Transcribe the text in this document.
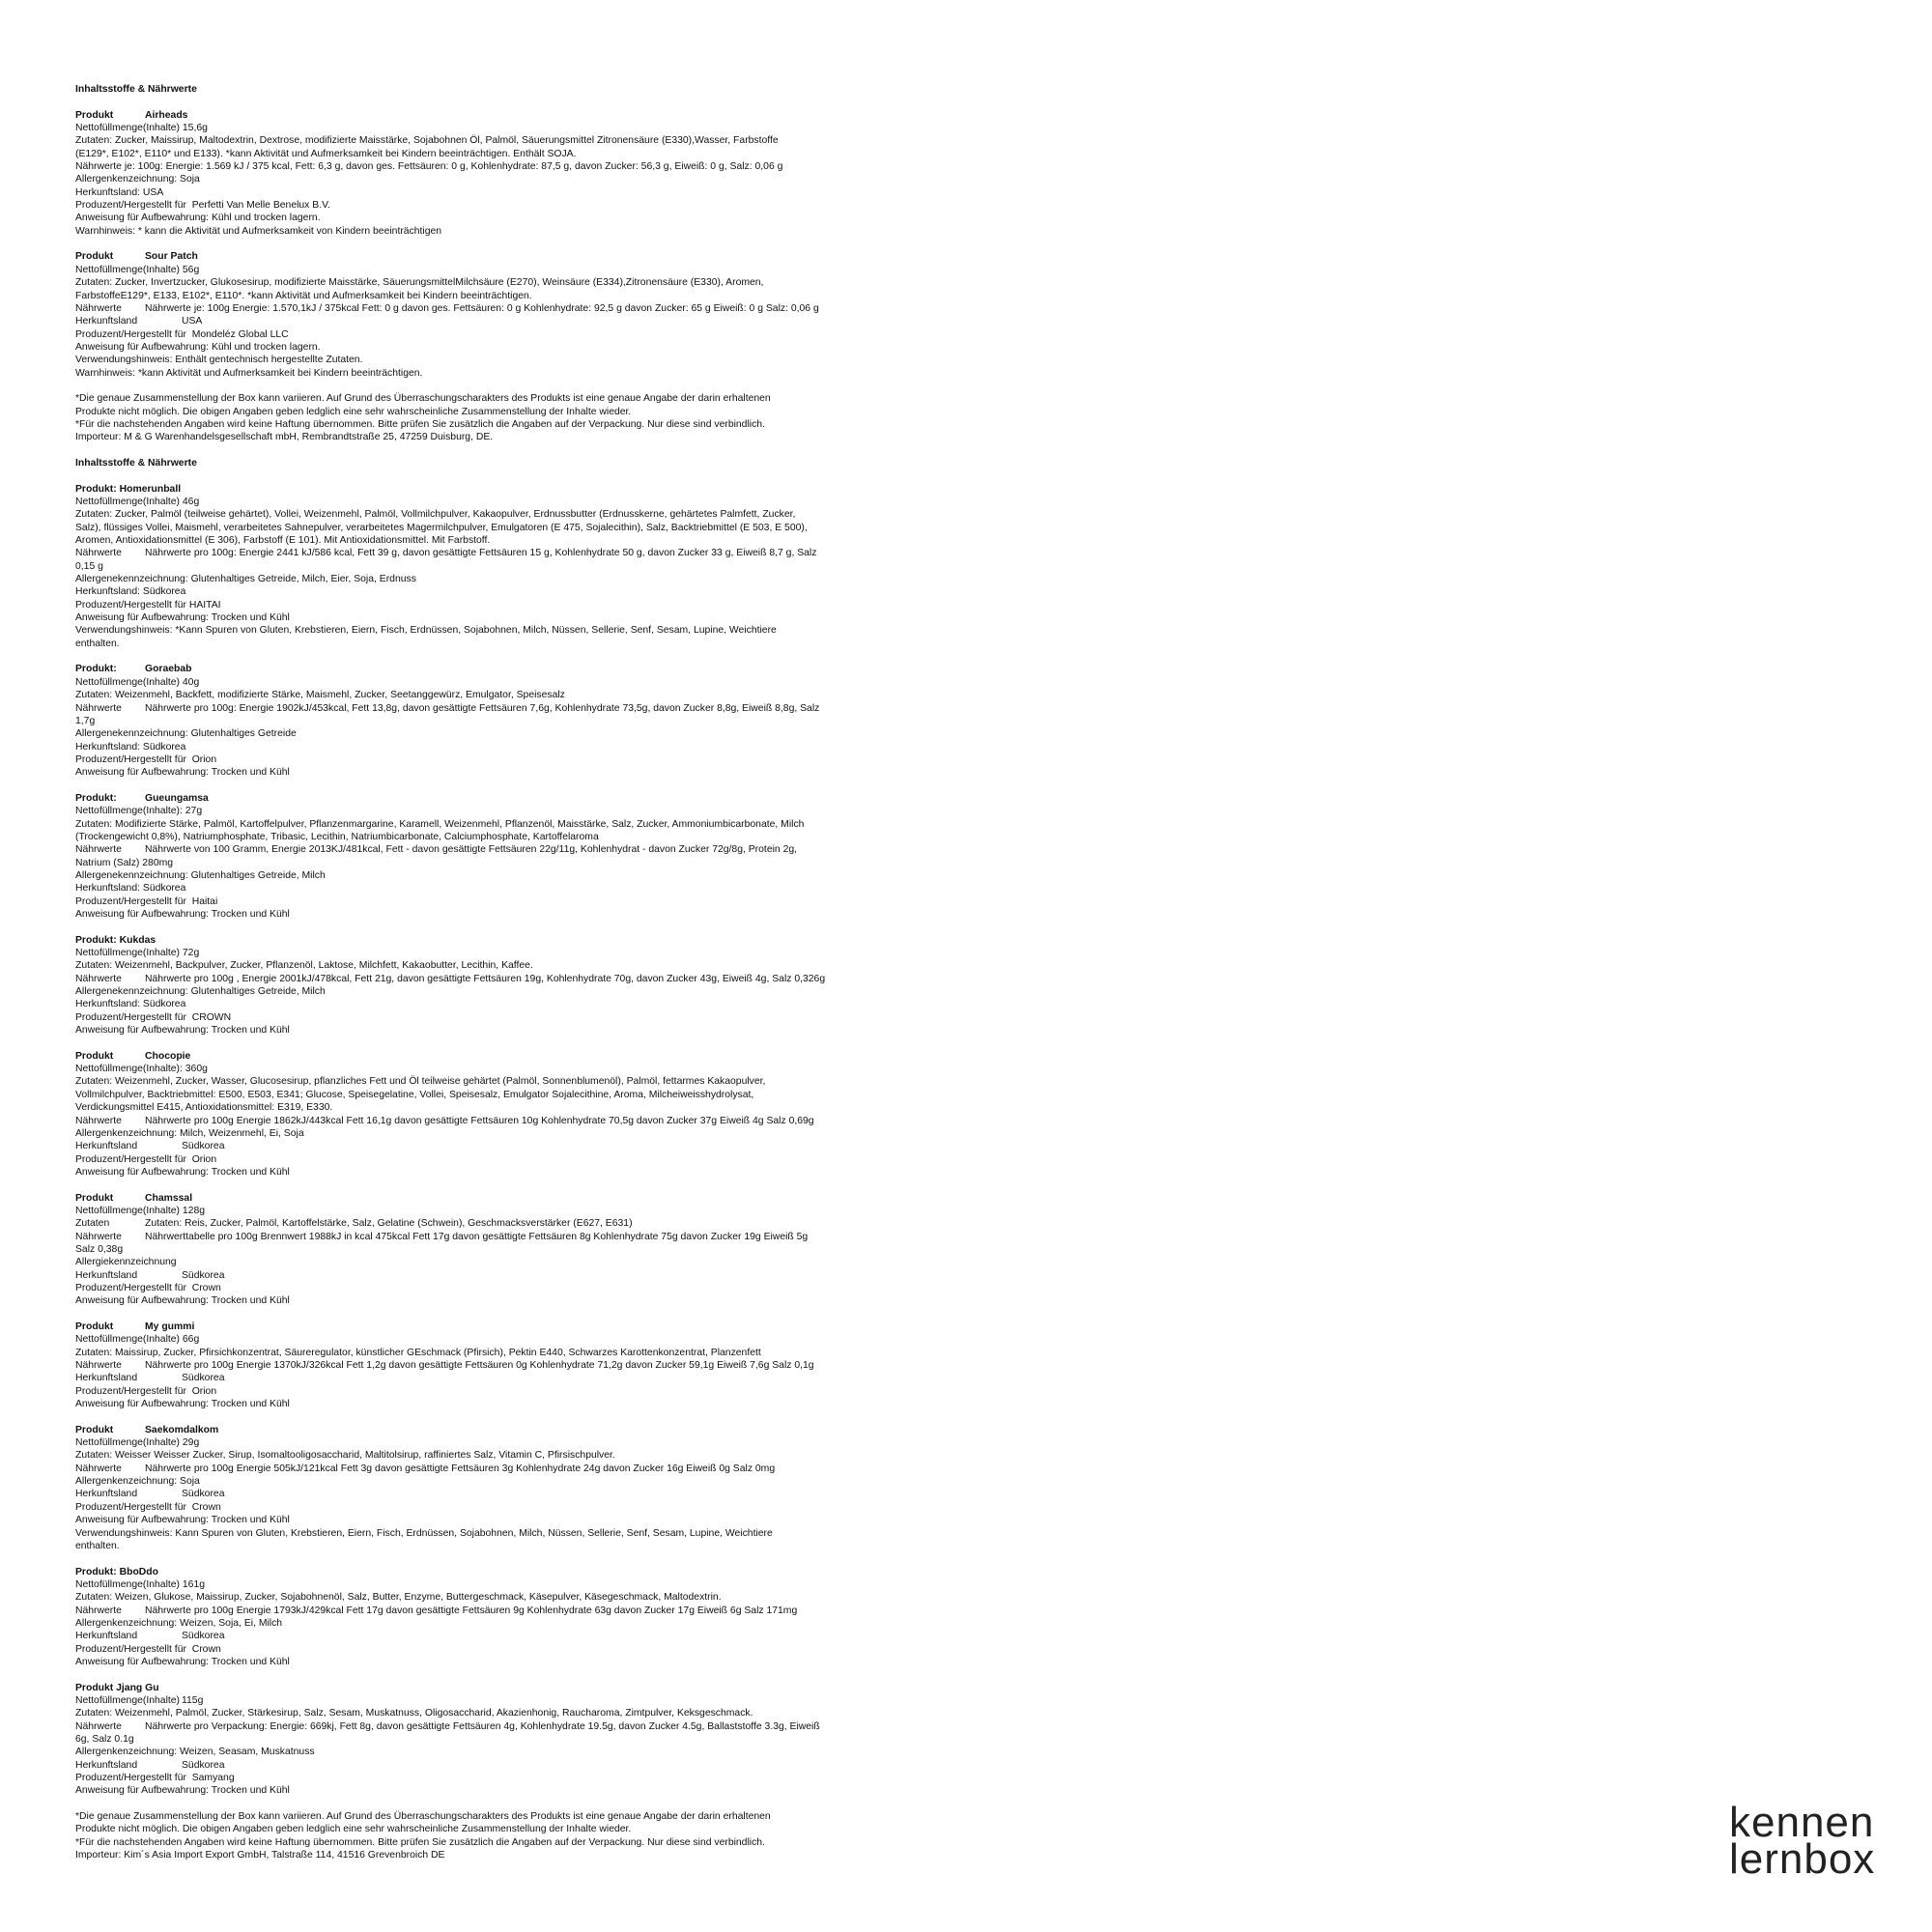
Inhaltsstoffe & Nährwerte
Produkt	Airheads
Nettofüllmenge(Inhalte) 15,6g
Zutaten: Zucker, Maissirup, Maltodextrin, Dextrose, modifizierte Maisstärke, Sojabohnen Öl, Palmöl, Säuerungsmittel Zitronensäure (E330),Wasser, Farbstoffe
(E129*, E102*, E110* und E133). *kann Aktivität und Aufmerksamkeit bei Kindern beeinträchtigen. Enthält SOJA.
Nährwerte je: 100g: Energie: 1.569 kJ / 375 kcal, Fett: 6,3 g, davon ges. Fettsäuren: 0 g, Kohlenhydrate: 87,5 g, davon Zucker: 56,3 g, Eiweiß: 0 g, Salz: 0,06 g
Allergenkenzeichnung: Soja
Herkunftsland: USA
Produzent/Hergestellt für  Perfetti Van Melle Benelux B.V.
Anweisung für Aufbewahrung: Kühl und trocken lagern.
Warnhinweis: * kann die Aktivität und Aufmerksamkeit von Kindern beeinträchtigen
Produkt	Sour Patch
Nettofüllmenge(Inhalte) 56g
Zutaten: Zucker, Invertzucker, Glukosesirup, modifizierte Maisstärke, SäuerungsmittelMilchsäure (E270), Weinsäure (E334),Zitronensäure (E330), Aromen,
FarbstoffeE129*, E133, E102*, E110*. *kann Aktivität und Aufmerksamkeit bei Kindern beeinträchtigen.
Nährwerte Nährwerte je: 100g Energie: 1.570,1kJ / 375kcal Fett: 0 g davon ges. Fettsäuren: 0 g Kohlenhydrate: 92,5 g davon Zucker: 65 g Eiweiß: 0 g Salz: 0,06 g
Herkunftsland	USA
Produzent/Hergestellt für  Mondeléz Global LLC
Anweisung für Aufbewahrung: Kühl und trocken lagern.
Verwendungshinweis: Enthält gentechnisch hergestellte Zutaten.
Warnhinweis: *kann Aktivität und Aufmerksamkeit bei Kindern beeinträchtigen.
*Die genaue Zusammenstellung der Box kann variieren. Auf Grund des Überraschungscharakters des Produkts ist eine genaue Angabe der darin erhaltenen
Produkte nicht möglich. Die obigen Angaben geben ledglich eine sehr wahrscheinliche Zusammenstellung der Inhalte wieder.
*Für die nachstehenden Angaben wird keine Haftung übernommen. Bitte prüfen Sie zusätzlich die Angaben auf der Verpackung. Nur diese sind verbindlich.
Importeur: M & G Warenhandelsgesellschaft mbH, Rembrandtstraße 25, 47259 Duisburg, DE.
Inhaltsstoffe & Nährwerte
Produkt: Homerunball
Nettofüllmenge(Inhalte) 46g
Zutaten: Zucker, Palmöl (teilweise gehärtet), Vollei, Weizenmehl, Palmöl, Vollmilchpulver, Kakaopulver, Erdnussbutter (Erdnusskerne, gehärtetes Palmfett, Zucker,
Salz), flüssiges Vollei, Maismehl, verarbeitetes Sahnepulver, verarbeitetes Magermilchpulver, Emulgatoren (E 475, Sojalecithin), Salz, Backtriebmittel (E 503, E 500),
Aromen, Antioxidationsmittel (E 306), Farbstoff (E 101). Mit Antioxidationsmittel. Mit Farbstoff.
Nährwerte Nährwerte pro 100g: Energie 2441 kJ/586 kcal, Fett 39 g, davon gesättigte Fettsäuren 15 g, Kohlenhydrate 50 g, davon Zucker 33 g, Eiweiß 8,7 g, Salz
0,15 g
Allergenekennzeichnung: Glutenhaltiges Getreide, Milch, Eier, Soja, Erdnuss
Herkunftsland: Südkorea
Produzent/Hergestellt für HAITAI
Anweisung für Aufbewahrung: Trocken und Kühl
Verwendungshinweis: *Kann Spuren von Gluten, Krebstieren, Eiern, Fisch, Erdnüssen, Sojabohnen, Milch, Nüssen, Sellerie, Senf, Sesam, Lupine, Weichtiere
enthalten.
Produkt:	Goraebab
Nettofüllmenge(Inhalte) 40g
Zutaten: Weizenmehl, Backfett, modifizierte Stärke, Maismehl, Zucker, Seetanggewürz, Emulgator, Speisesalz
Nährwerte Nährwerte pro 100g: Energie 1902kJ/453kcal, Fett 13,8g, davon gesättigte Fettsäuren 7,6g, Kohlenhydrate 73,5g, davon Zucker 8,8g, Eiweiß 8,8g, Salz
1,7g
Allergenekennzeichnung: Glutenhaltiges Getreide
Herkunftsland: Südkorea
Produzent/Hergestellt für  Orion
Anweisung für Aufbewahrung: Trocken und Kühl
Produkt:	Gueungamsa
Nettofüllmenge(Inhalte): 27g
Zutaten: Modifizierte Stärke, Palmöl, Kartoffelpulver, Pflanzenmargarine, Karamell, Weizenmehl, Pflanzenöl, Maisstärke, Salz, Zucker, Ammoniumbicarbonate, Milch
(Trockengewicht 0,8%), Natriumphosphate, Tribasic, Lecithin, Natriumbicarbonate, Calciumphosphate, Kartoffelaroma
Nährwerte Nährwerte von 100 Gramm, Energie 2013KJ/481kcal, Fett - davon gesättigte Fettsäuren 22g/11g, Kohlenhydrat - davon Zucker 72g/8g, Protein 2g,
Natrium (Salz) 280mg
Allergenekennzeichnung: Glutenhaltiges Getreide, Milch
Herkunftsland: Südkorea
Produzent/Hergestellt für  Haitai
Anweisung für Aufbewahrung: Trocken und Kühl
Produkt: Kukdas
Nettofüllmenge(Inhalte) 72g
Zutaten: Weizenmehl, Backpulver, Zucker, Pflanzenöl, Laktose, Milchfett, Kakaobutter, Lecithin, Kaffee.
Nährwerte Nährwerte pro 100g , Energie 2001kJ/478kcal, Fett 21g, davon gesättigte Fettsäuren 19g, Kohlenhydrate 70g, davon Zucker 43g, Eiweiß 4g, Salz 0,326g
Allergenekennzeichnung: Glutenhaltiges Getreide, Milch
Herkunftsland: Südkorea
Produzent/Hergestellt für  CROWN
Anweisung für Aufbewahrung: Trocken und Kühl
Produkt	Chocopie
Nettofüllmenge(Inhalte): 360g
Zutaten: Weizenmehl, Zucker, Wasser, Glucosesirup, pflanzliches Fett und Öl teilweise gehärtet (Palmöl, Sonnenblumenöl), Palmöl, fettarmes Kakaopulver,
Vollmilchpulver, Backtriebmittel: E500, E503, E341; Glucose, Speisegelatine, Vollei, Speisesalz, Emulgator Sojalecithine, Aroma, Milcheiweisshydrolysat,
Verdickungsmittel E415, Antioxidationsmittel: E319, E330.
Nährwerte Nährwerte pro 100g Energie 1862kJ/443kcal Fett 16,1g davon gesättigte Fettsäuren 10g Kohlenhydrate 70,5g davon Zucker 37g Eiweiß 4g Salz 0,69g
Allergenkenzeichnung: Milch, Weizenmehl, Ei, Soja
Herkunftsland	Südkorea
Produzent/Hergestellt für  Orion
Anweisung für Aufbewahrung: Trocken und Kühl
Produkt	Chamssal
Nettofüllmenge(Inhalte) 128g
Zutaten	Zutaten: Reis, Zucker, Palmöl, Kartoffelstärke, Salz, Gelatine (Schwein), Geschmacksverstärker (E627, E631)
Nährwerte Nährwerttabelle pro 100g Brennwert 1988kJ in kcal 475kcal Fett 17g davon gesättigte Fettsäuren 8g Kohlenhydrate 75g davon Zucker 19g Eiweiß 5g
Salz 0,38g
Allergiekennzeichnung
Herkunftsland	Südkorea
Produzent/Hergestellt für  Crown
Anweisung für Aufbewahrung: Trocken und Kühl
Produkt	My gummi
Nettofüllmenge(Inhalte) 66g
Zutaten: Maissirup, Zucker, Pfirsichkonzentrat, Säureregulator, künstlicher GEschmack (Pfirsich), Pektin E440, Schwarzes Karottenkonzentrat, Planzenfett
Nährwerte Nährwerte pro 100g Energie 1370kJ/326kcal Fett 1,2g davon gesättigte Fettsäuren 0g Kohlenhydrate 71,2g davon Zucker 59,1g Eiweiß 7,6g Salz 0,1g
Herkunftsland	Südkorea
Produzent/Hergestellt für  Orion
Anweisung für Aufbewahrung: Trocken und Kühl
Produkt	Saekomdalkom
Nettofüllmenge(Inhalte) 29g
Zutaten: Weisser Weisser Zucker, Sirup, Isomaltooligosaccharid, Maltitolsirup, raffiniertes Salz, Vitamin C, Pfirsischpulver.
Nährwerte Nährwerte pro 100g Energie 505kJ/121kcal Fett 3g davon gesättigte Fettsäuren 3g Kohlenhydrate 24g davon Zucker 16g Eiweiß 0g Salz 0mg
Allergenkenzeichnung: Soja
Herkunftsland	Südkorea
Produzent/Hergestellt für  Crown
Anweisung für Aufbewahrung: Trocken und Kühl
Verwendungshinweis: Kann Spuren von Gluten, Krebstieren, Eiern, Fisch, Erdnüssen, Sojabohnen, Milch, Nüssen, Sellerie, Senf, Sesam, Lupine, Weichtiere
enthalten.
Produkt: BboDdo
Nettofüllmenge(Inhalte) 161g
Zutaten: Weizen, Glukose, Maissirup, Zucker, Sojabohnenöl, Salz, Butter, Enzyme, Buttergeschmack, Käsepulver, Käsegeschmack, Maltodextrin.
Nährwerte Nährwerte pro 100g Energie 1793kJ/429kcal Fett 17g davon gesättigte Fettsäuren 9g Kohlenhydrate 63g davon Zucker 17g Eiweiß 6g Salz 171mg
Allergenkenzeichnung: Weizen, Soja, Ei, Milch
Herkunftsland	Südkorea
Produzent/Hergestellt für  Crown
Anweisung für Aufbewahrung: Trocken und Kühl
Produkt Jjang Gu
Nettofüllmenge(Inhalte) 115g
Zutaten: Weizenmehl, Palmöl, Zucker, Stärkesirup, Salz, Sesam, Muskatnuss, Oligosaccharid, Akazienhonig, Raucharoma, Zimtpulver, Keksgeschmack.
Nährwerte Nährwerte pro Verpackung: Energie: 669kj, Fett 8g, davon gesättigte Fettsäuren 4g, Kohlenhydrate 19.5g, davon Zucker 4.5g, Ballaststoffe 3.3g, Eiweiß
6g, Salz 0.1g
Allergenkenzeichnung: Weizen, Seasam, Muskatnuss
Herkunftsland	Südkorea
Produzent/Hergestellt für  Samyang
Anweisung für Aufbewahrung: Trocken und Kühl
*Die genaue Zusammenstellung der Box kann variieren. Auf Grund des Überraschungscharakters des Produkts ist eine genaue Angabe der darin erhaltenen
Produkte nicht möglich. Die obigen Angaben geben ledglich eine sehr wahrscheinliche Zusammenstellung der Inhalte wieder.
*Für die nachstehenden Angaben wird keine Haftung übernommen. Bitte prüfen Sie zusätzlich die Angaben auf der Verpackung. Nur diese sind verbindlich.
Importeur: Kim´s Asia Import Export GmbH, Talstraße 114, 41516 Grevenbroich DE
kennen
lernbox
